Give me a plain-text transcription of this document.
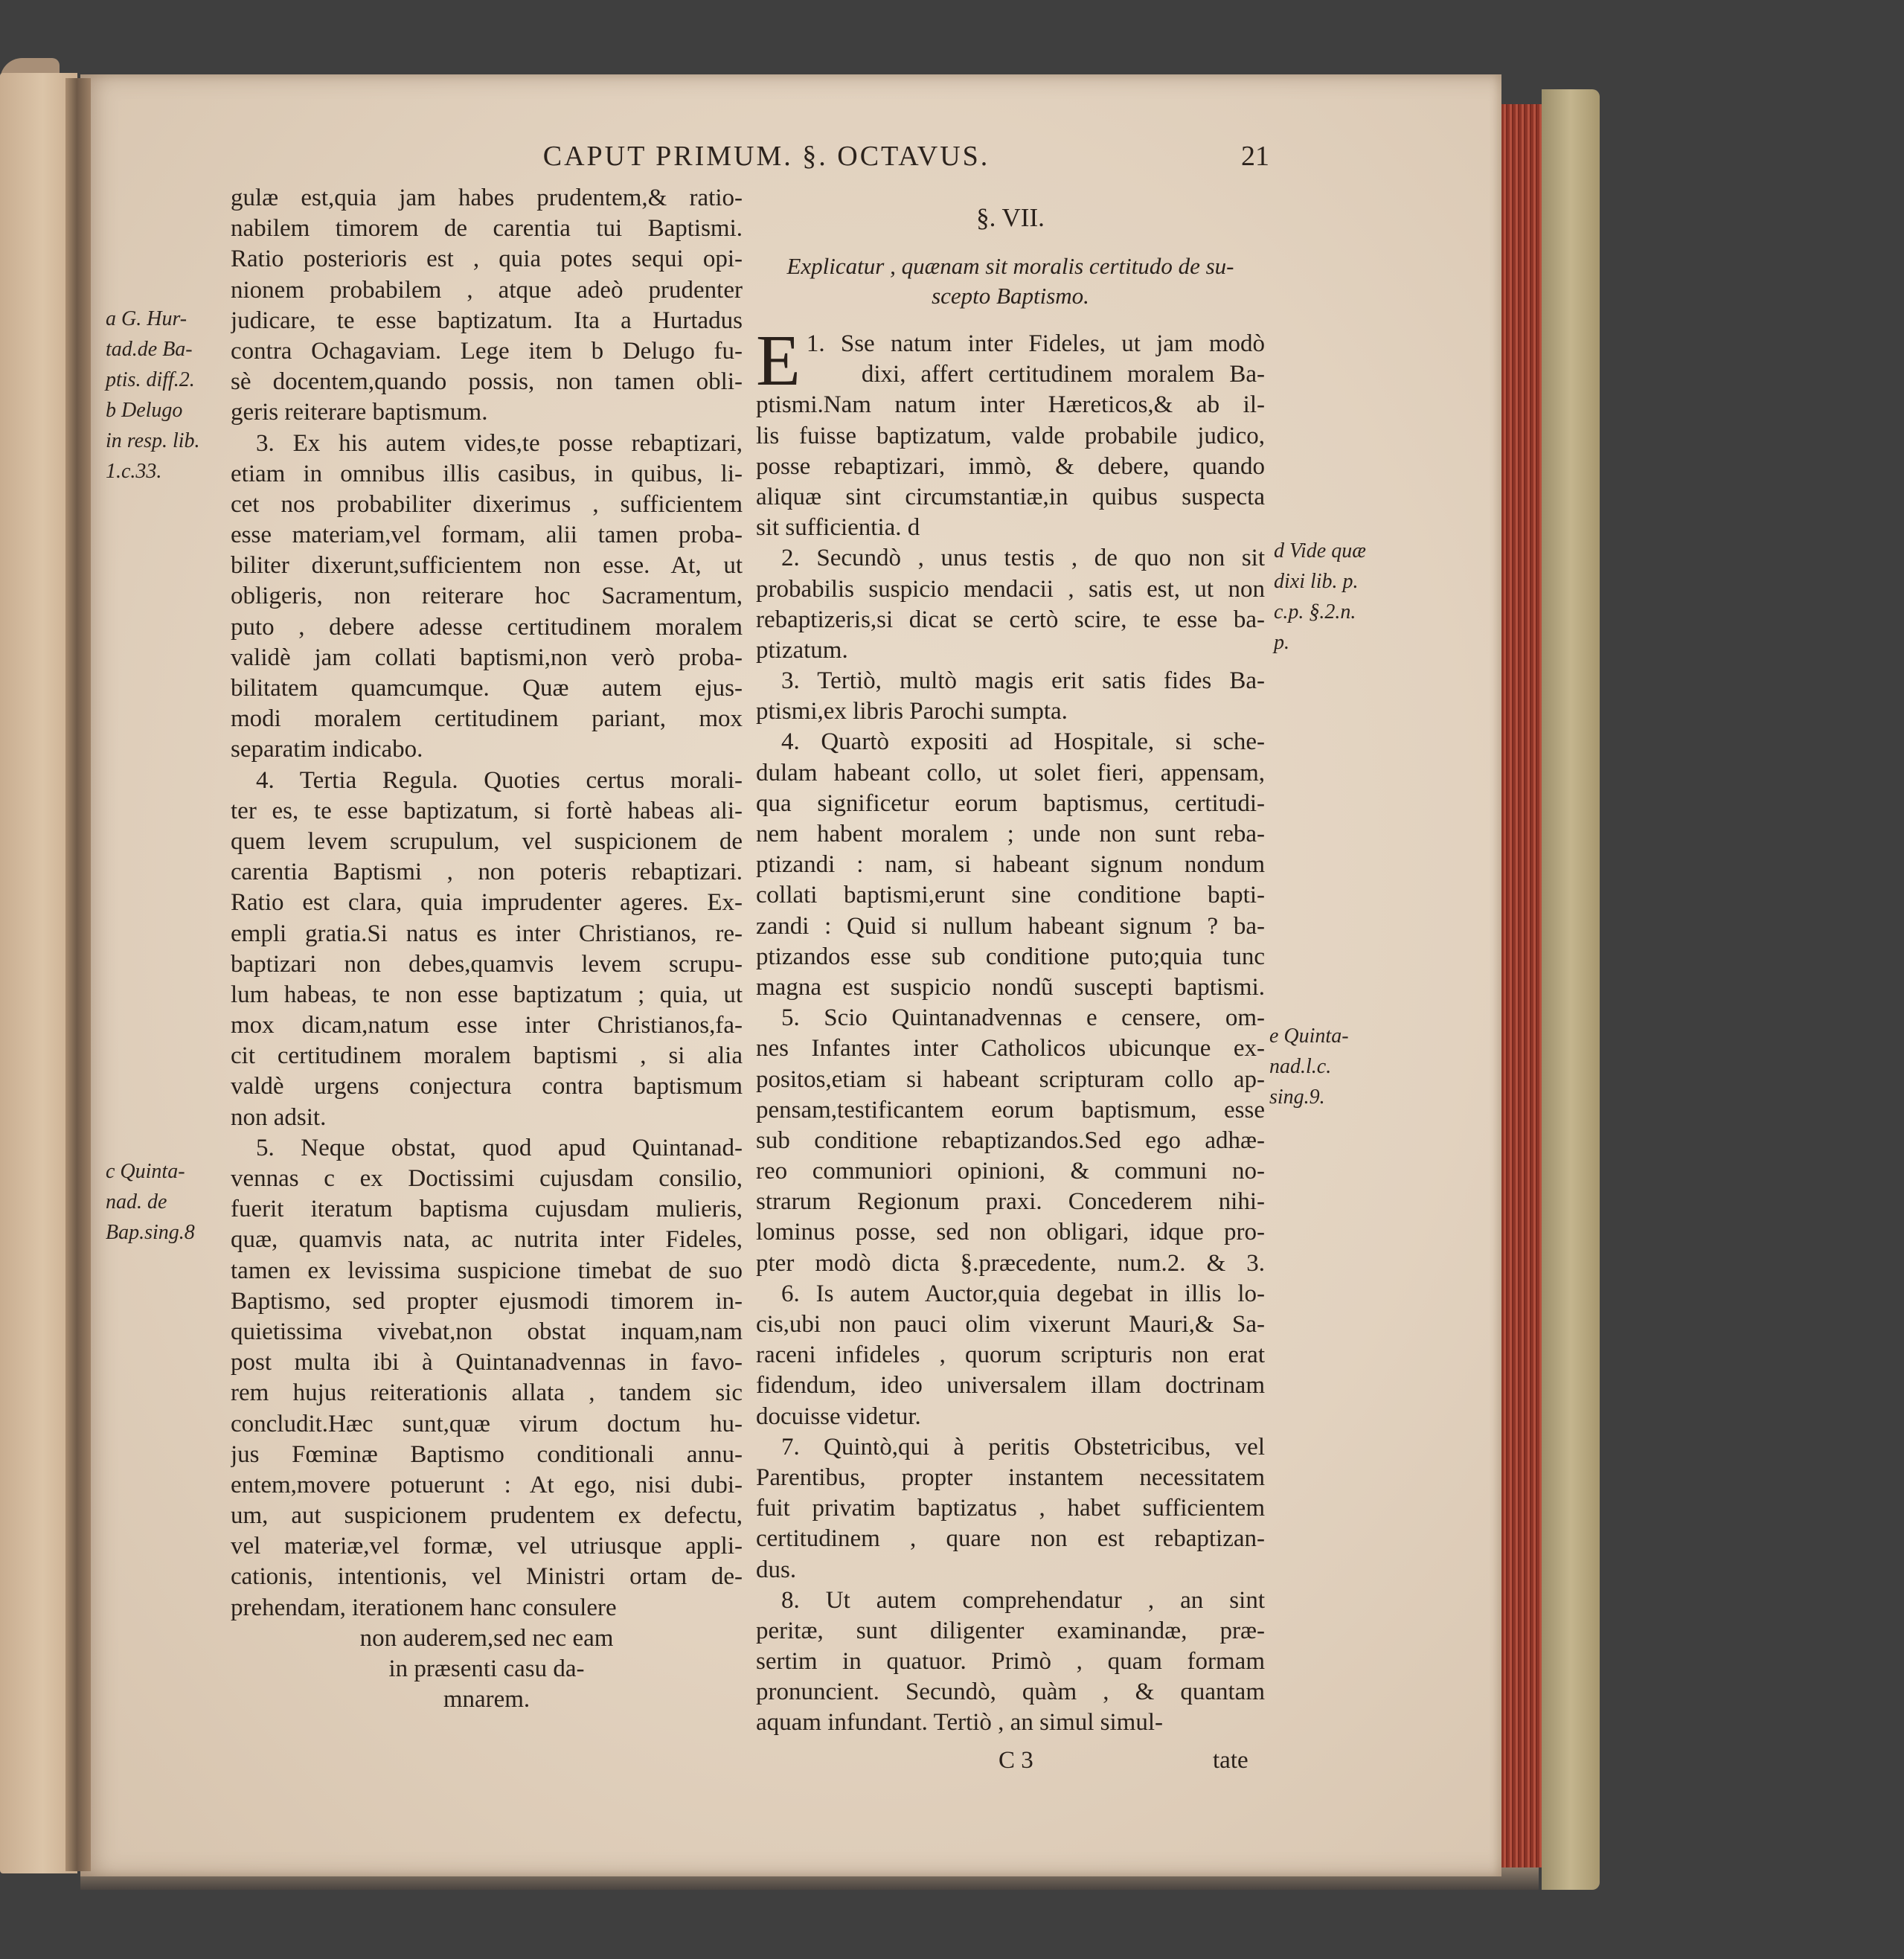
CAPUT PRIMUM. §. OCTAVUS.	21
gulæ est,quia jam habes prudentem,& ratio-
nabilem timorem de carentia tui Baptismi.
Ratio posterioris est , quia potes sequi opi-
nionem probabilem , atque adeò prudenter
judicare, te esse baptizatum. Ita a Hurtadus
contra Ochagaviam. Lege item b Delugo fu-
sè docentem,quando possis, non tamen obli-
geris reiterare baptismum.
3. Ex his autem vides,te posse rebaptizari,
etiam in omnibus illis casibus, in quibus, li-
cet nos probabiliter dixerimus , sufficientem
esse materiam,vel formam, alii tamen proba-
biliter dixerunt,sufficientem non esse. At, ut
obligeris, non reiterare hoc Sacramentum,
puto , debere adesse certitudinem moralem
validè jam collati baptismi,non verò proba-
bilitatem quamcumque. Quæ autem ejus-
modi moralem certitudinem pariant, mox
separatim indicabo.
4. Tertia Regula. Quoties certus morali-
ter es, te esse baptizatum, si fortè habeas ali-
quem levem scrupulum, vel suspicionem de
carentia Baptismi , non poteris rebaptizari.
Ratio est clara, quia imprudenter ageres. Ex-
empli gratia.Si natus es inter Christianos, re-
baptizari non debes,quamvis levem scrupu-
lum habeas, te non esse baptizatum ; quia, ut
mox dicam,natum esse inter Christianos,fa-
cit certitudinem moralem baptismi , si alia
valdè urgens conjectura contra baptismum
non adsit.
5. Neque obstat, quod apud Quintanad-
vennas c ex Doctissimi cujusdam consilio,
fuerit iteratum baptisma cujusdam mulieris,
quæ, quamvis nata, ac nutrita inter Fideles,
tamen ex levissima suspicione timebat de suo
Baptismo, sed propter ejusmodi timorem in-
quietissima vivebat,non obstat inquam,nam
post multa ibi à Quintanadvennas in favo-
rem hujus reiterationis allata , tandem sic
concludit.Hæc sunt,quæ virum doctum hu-
jus Fœminæ Baptismo conditionali annu-
entem,movere potuerunt : At ego, nisi dubi-
um, aut suspicionem prudentem ex defectu,
vel materiæ,vel formæ, vel utriusque appli-
cationis, intentionis, vel Ministri ortam de-
prehendam, iterationem hanc consulere
non auderem,sed nec eam
in præsenti casu da-
mnarem.
§. VII.
Explicatur , quænam sit moralis certitudo de su-
scepto Baptismo.
E 1. Sse natum inter Fideles, ut jam modò
dixi, affert certitudinem moralem Ba-
ptismi.Nam natum inter Hæreticos,& ab il-
lis fuisse baptizatum, valde probabile judico,
posse rebaptizari, immò, & debere, quando
aliquæ sint circumstantiæ,in quibus suspecta
sit sufficientia. d
2. Secundò , unus testis , de quo non sit
probabilis suspicio mendacii , satis est, ut non
rebaptizeris,si dicat se certò scire, te esse ba-
ptizatum.
3. Tertiò, multò magis erit satis fides Ba-
ptismi,ex libris Parochi sumpta.
4. Quartò expositi ad Hospitale, si sche-
dulam habeant collo, ut solet fieri, appensam,
qua significetur eorum baptismus, certitudi-
nem habent moralem ; unde non sunt reba-
ptizandi : nam, si habeant signum nondum
collati baptismi,erunt sine conditione bapti-
zandi : Quid si nullum habeant signum ? ba-
ptizandos esse sub conditione puto;quia tunc
magna est suspicio nondũ suscepti baptismi.
5. Scio Quintanadvennas e censere, om-
nes Infantes inter Catholicos ubicunque ex-
positos,etiam si habeant scripturam collo ap-
pensam,testificantem eorum baptismum, esse
sub conditione rebaptizandos.Sed ego adhæ-
reo communiori opinioni, & communi no-
strarum Regionum praxi. Concederem nihi-
lominus posse, sed non obligari, idque pro-
pter modò dicta §.præcedente, num.2. & 3.
6. Is autem Auctor,quia degebat in illis lo-
cis,ubi non pauci olim vixerunt Mauri,& Sa-
raceni infideles , quorum scripturis non erat
fidendum, ideo universalem illam doctrinam
docuisse videtur.
7. Quintò,qui à peritis Obstetricibus, vel
Parentibus, propter instantem necessitatem
fuit privatim baptizatus , habet sufficientem
certitudinem , quare non est rebaptizan-
dus.
8. Ut autem comprehendatur , an sint
peritæ, sunt diligenter examinandæ, præ-
sertim in quatuor. Primò , quam formam
pronuncient. Secundò, quàm , & quantam
aquam infundant. Tertiò , an simul simul-
a G. Hur-
tad.de Ba-
ptis. diff.2.
b Delugo
in resp. lib.
1.c.33.
c Quinta-
nad. de
Bap.sing.8
d Vide quæ
dixi lib. p.
c.p. §.2.n.
p.
e Quinta-
nad.l.c.
sing.9.
C 3	tate
